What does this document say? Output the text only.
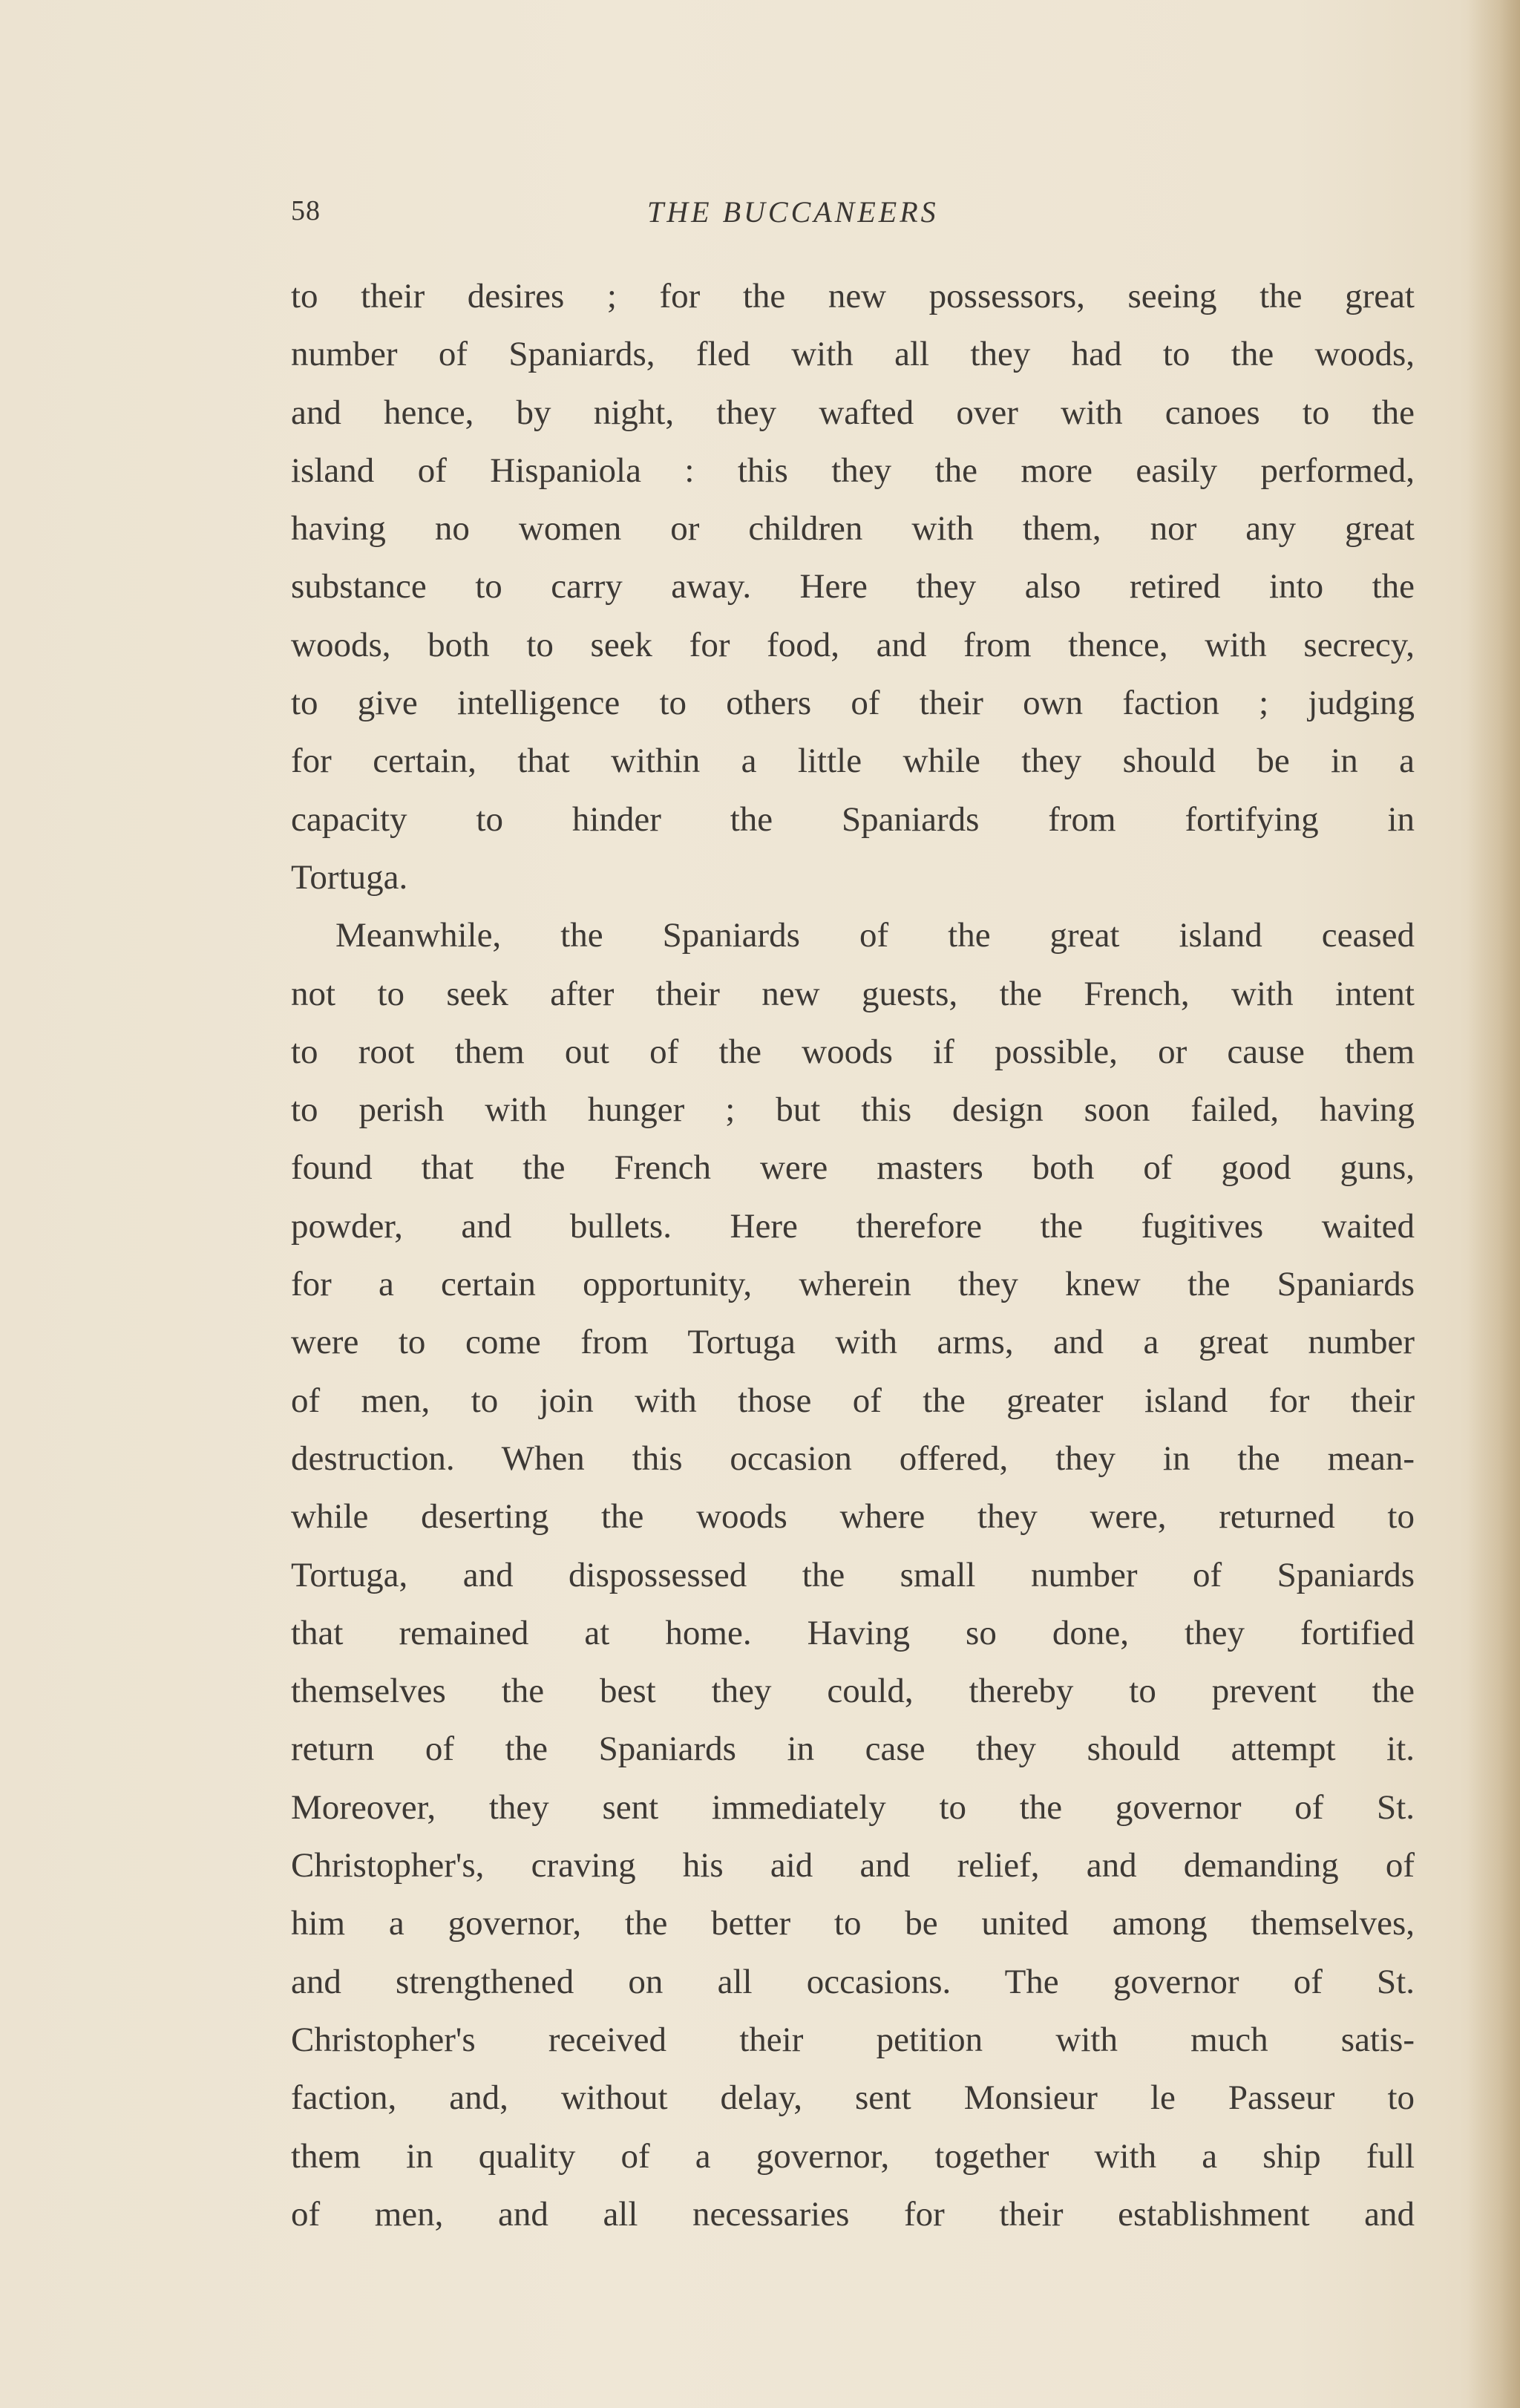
58	THE BUCCANEERS
to their desires ; for the new possessors, seeing the great
number of Spaniards, fled with all they had to the woods,
and hence, by night, they wafted over with canoes to the
island of Hispaniola : this they the more easily performed,
having no women or children with them, nor any great
substance to carry away. Here they also retired into the
woods, both to seek for food, and from thence, with secrecy,
to give intelligence to others of their own faction ; judging
for certain, that within a little while they should be in a
capacity to hinder the Spaniards from fortifying in
Tortuga.
Meanwhile, the Spaniards of the great island ceased
not to seek after their new guests, the French, with intent
to root them out of the woods if possible, or cause them
to perish with hunger ; but this design soon failed, having
found that the French were masters both of good guns,
powder, and bullets. Here therefore the fugitives waited
for a certain opportunity, wherein they knew the Spaniards
were to come from Tortuga with arms, and a great number
of men, to join with those of the greater island for their
destruction. When this occasion offered, they in the mean-
while deserting the woods where they were, returned to
Tortuga, and dispossessed the small number of Spaniards
that remained at home. Having so done, they fortified
themselves the best they could, thereby to prevent the
return of the Spaniards in case they should attempt it.
Moreover, they sent immediately to the governor of St.
Christopher's, craving his aid and relief, and demanding of
him a governor, the better to be united among themselves,
and strengthened on all occasions. The governor of St.
Christopher's received their petition with much satis-
faction, and, without delay, sent Monsieur le Passeur to
them in quality of a governor, together with a ship full
of men, and all necessaries for their establishment and
